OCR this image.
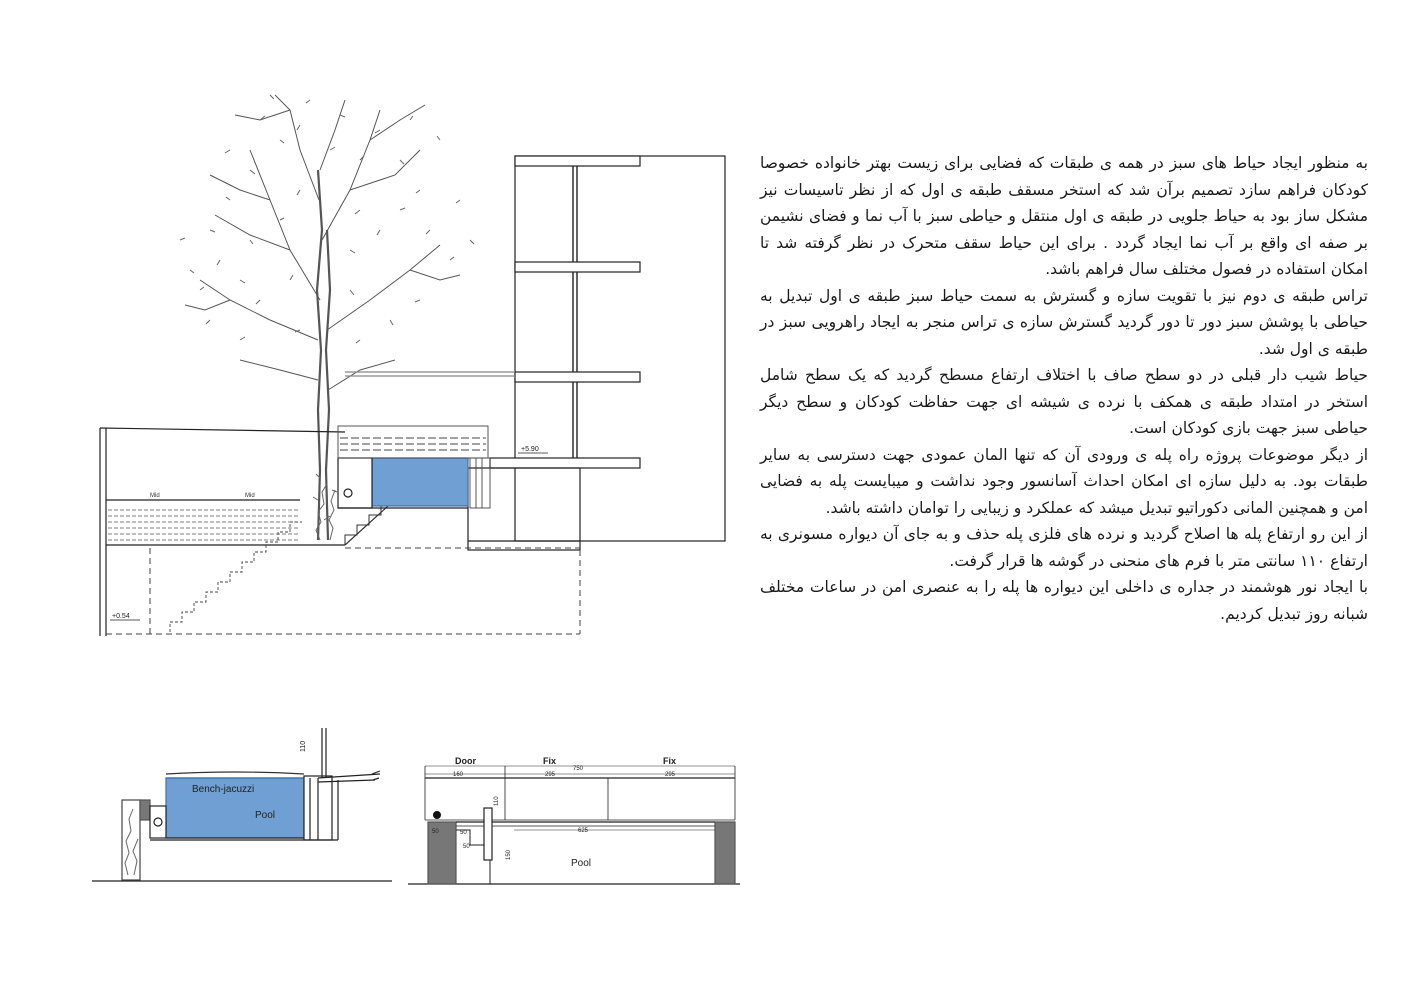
Mid	Mid
+5.90
+0.54
Bench-jacuzzi
Pool
110
Door	Fix	Fix
750
160	295	295
110
625
50
50
50
150
Pool

به منظور ایجاد حیاط های سبز در همه ی طبقات که فضایی برای زیست بهتر خانواده خصوصا کودکان فراهم سازد تصمیم برآن شد که استخر مسقف طبقه ی اول که از نظر تاسیسات نیز مشکل ساز بود به حیاط جلویی در طبقه ی اول منتقل و حیاطی سبز با آب نما و فضای نشیمن بر صفه ای واقع بر آب نما ایجاد گردد . برای این حیاط سقف متحرک در نظر گرفته شد تا امکان استفاده در فصول مختلف سال فراهم باشد.

تراس طبقه ی دوم نیز با تقویت سازه و گسترش به سمت حیاط سبز طبقه ی اول تبدیل به حیاطی با پوشش سبز دور تا دور گردید گسترش سازه ی تراس منجر به ایجاد راهرویی سبز در طبقه ی اول شد.

حیاط شیب دار قبلی در دو سطح صاف با اختلاف ارتفاع مسطح گردید که یک سطح شامل استخر در امتداد طبقه ی همکف با نرده ی شیشه ای جهت حفاظت کودکان و سطح دیگر حیاطی سبز جهت بازی کودکان است.

از دیگر موضوعات پروژه راه پله ی ورودی آن که تنها المان عمودی جهت دسترسی به سایر طبقات بود. به دلیل سازه ای امکان احداث آسانسور وجود نداشت و میبایست پله به فضایی امن و همچنین المانی دکوراتیو تبدیل میشد که عملکرد و زیبایی را توامان داشته باشد.

از این رو ارتفاع پله ها اصلاح گردید و نرده های فلزی پله حذف و به جای آن دیواره مسونری به ارتفاع ۱۱۰ سانتی متر با فرم های منحنی در گوشه ها قرار گرفت.

با ایجاد نور هوشمند در جداره ی داخلی این دیواره ها پله را به عنصری امن در ساعات مختلف شبانه روز تبدیل کردیم.
